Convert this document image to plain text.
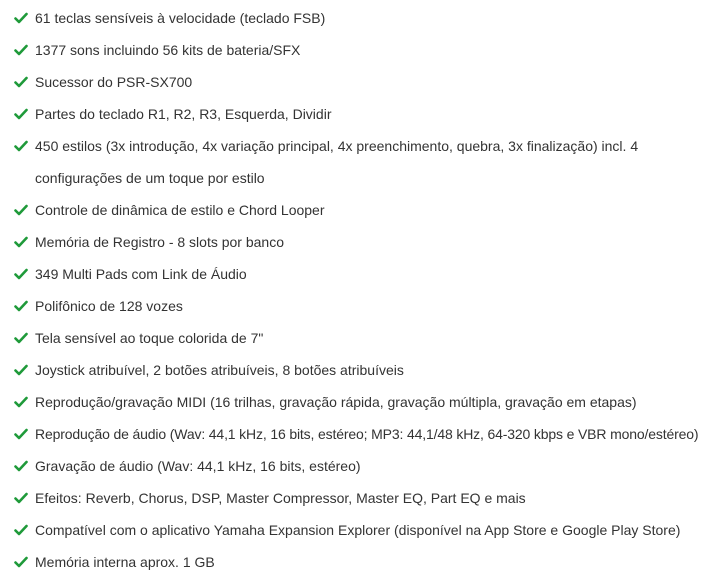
61 teclas sensíveis à velocidade (teclado FSB)
1377 sons incluindo 56 kits de bateria/SFX
Sucessor do PSR-SX700
Partes do teclado R1, R2, R3, Esquerda, Dividir
450 estilos (3x introdução, 4x variação principal, 4x preenchimento, quebra, 3x finalização) incl. 4
configurações de um toque por estilo
Controle de dinâmica de estilo e Chord Looper
Memória de Registro - 8 slots por banco
349 Multi Pads com Link de Áudio
Polifônico de 128 vozes
Tela sensível ao toque colorida de 7"
Joystick atribuível, 2 botões atribuíveis, 8 botões atribuíveis
Reprodução/gravação MIDI (16 trilhas, gravação rápida, gravação múltipla, gravação em etapas)
Reprodução de áudio (Wav: 44,1 kHz, 16 bits, estéreo; MP3: 44,1/48 kHz, 64-320 kbps e VBR mono/estéreo)
Gravação de áudio (Wav: 44,1 kHz, 16 bits, estéreo)
Efeitos: Reverb, Chorus, DSP, Master Compressor, Master EQ, Part EQ e mais
Compatível com o aplicativo Yamaha Expansion Explorer (disponível na App Store e Google Play Store)
Memória interna aprox. 1 GB
